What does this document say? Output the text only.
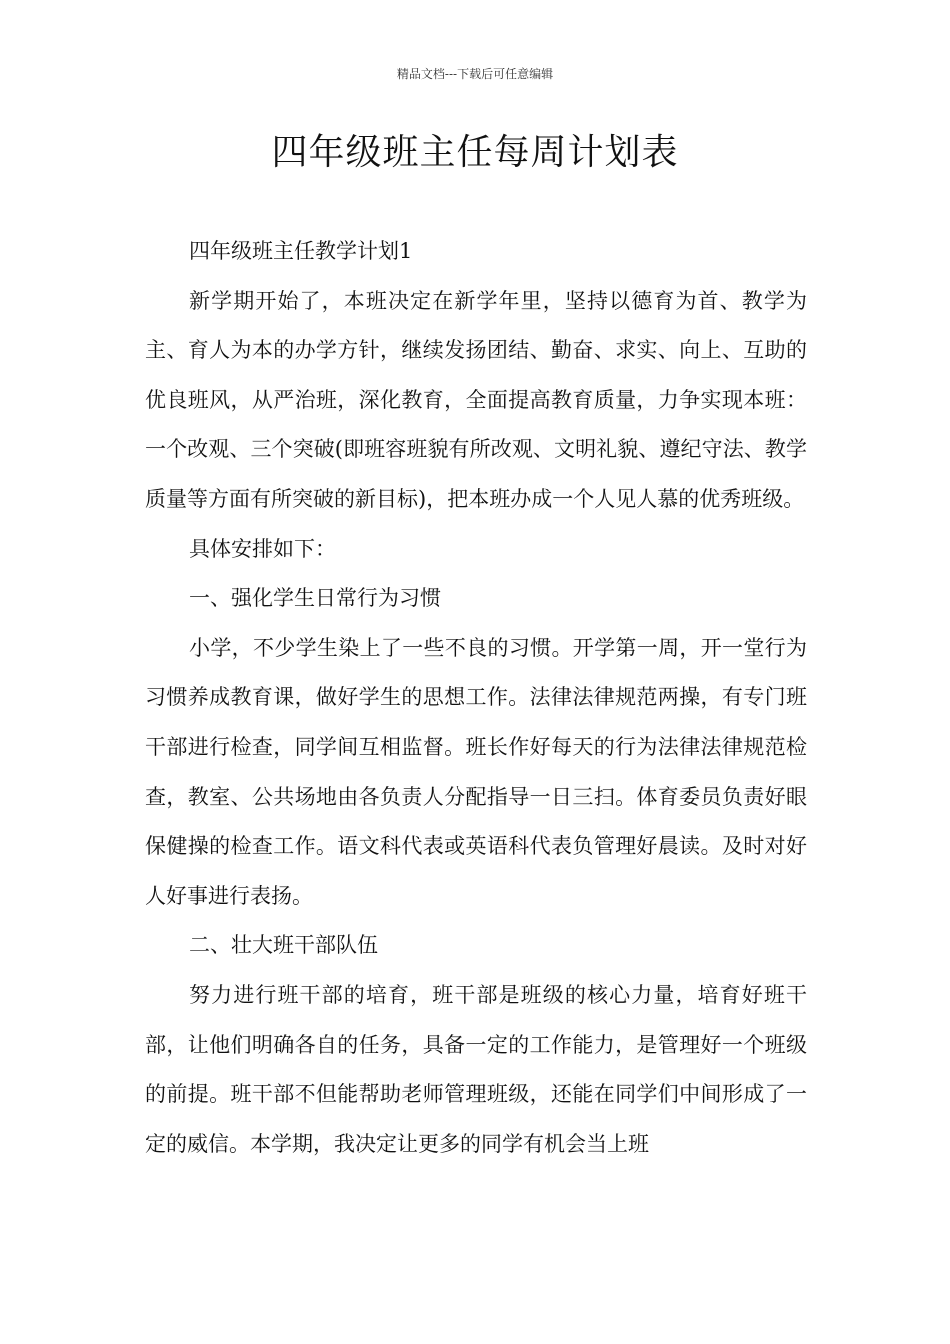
精品文档---下载后可任意编辑
四年级班主任每周计划表

四年级班主任教学计划1

新学期开始了，本班决定在新学年里，坚持以德育为首、教学为主、育人为本的办学方针，继续发扬团结、勤奋、求实、向上、互助的优良班风，从严治班，深化教育，全面提高教育质量，力争实现本班：一个改观、三个突破(即班容班貌有所改观、文明礼貌、遵纪守法、教学质量等方面有所突破的新目标)，把本班办成一个人见人慕的优秀班级。

具体安排如下：

一、强化学生日常行为习惯

小学，不少学生染上了一些不良的习惯。开学第一周，开一堂行为习惯养成教育课，做好学生的思想工作。法律法律规范两操，有专门班干部进行检查，同学间互相监督。班长作好每天的行为法律法律规范检查，教室、公共场地由各负责人分配指导一日三扫。体育委员负责好眼保健操的检查工作。语文科代表或英语科代表负管理好晨读。及时对好人好事进行表扬。

二、壮大班干部队伍

努力进行班干部的培育，班干部是班级的核心力量，培育好班干部，让他们明确各自的任务，具备一定的工作能力，是管理好一个班级的前提。班干部不但能帮助老师管理班级，还能在同学们中间形成了一定的威信。本学期，我决定让更多的同学有机会当上班
